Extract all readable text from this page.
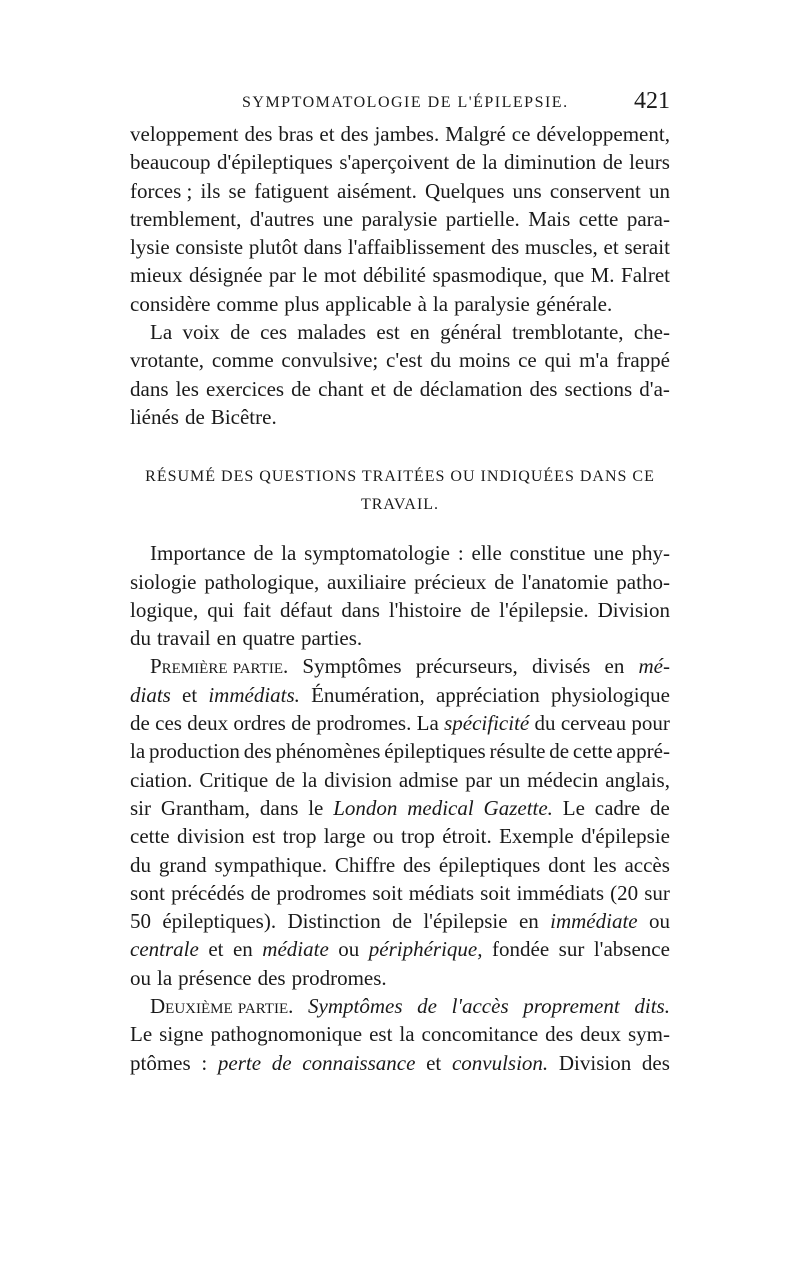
SYMPTOMATOLOGIE DE L'ÉPILEPSIE.	421
veloppement des bras et des jambes. Malgré ce développement,
beaucoup d'épileptiques s'aperçoivent de la diminution de leurs
forces ; ils se fatiguent aisément. Quelques uns conservent un
tremblement, d'autres une paralysie partielle. Mais cette para-
lysie consiste plutôt dans l'affaiblissement des muscles, et serait
mieux désignée par le mot débilité spasmodique, que M. Falret
considère comme plus applicable à la paralysie générale.
La voix de ces malades est en général tremblotante, che-
vrotante, comme convulsive; c'est du moins ce qui m'a frappé
dans les exercices de chant et de déclamation des sections d'a-
liénés de Bicêtre.
RÉSUMÉ DES QUESTIONS TRAITÉES OU INDIQUÉES DANS CE
TRAVAIL.
Importance de la symptomatologie : elle constitue une phy-
siologie pathologique, auxiliaire précieux de l'anatomie patho-
logique, qui fait défaut dans l'histoire de l'épilepsie. Division
du travail en quatre parties.
Première partie. Symptômes précurseurs, divisés en mé-
diats et immédiats. Énumération, appréciation physiologique
de ces deux ordres de prodromes. La spécificité du cerveau pour
la production des phénomènes épileptiques résulte de cette appré-
ciation. Critique de la division admise par un médecin anglais,
sir Grantham, dans le London medical Gazette. Le cadre de
cette division est trop large ou trop étroit. Exemple d'épilepsie
du grand sympathique. Chiffre des épileptiques dont les accès
sont précédés de prodromes soit médiats soit immédiats (20 sur
50 épileptiques). Distinction de l'épilepsie en immédiate ou
centrale et en médiate ou périphérique, fondée sur l'absence
ou la présence des prodromes.
Deuxième partie. Symptômes de l'accès proprement dits.
Le signe pathognomonique est la concomitance des deux sym-
ptômes : perte de connaissance et convulsion. Division des
